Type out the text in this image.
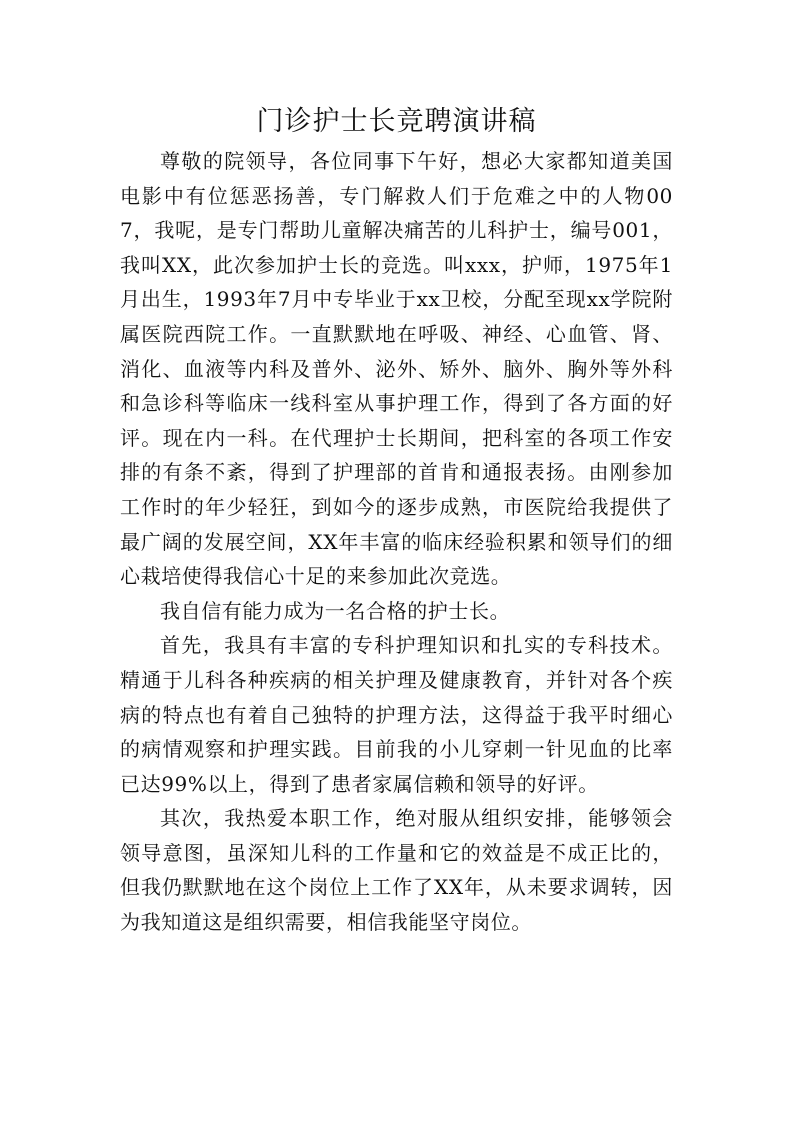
门诊护士长竞聘演讲稿

尊敬的院领导，各位同事下午好，想必大家都知道美国电影中有位惩恶扬善，专门解救人们于危难之中的人物007，我呢，是专门帮助儿童解决痛苦的儿科护士，编号001，我叫XX，此次参加护士长的竞选。叫xxx，护师，1975年1月出生，1993年7月中专毕业于xx卫校，分配至现xx学院附属医院西院工作。一直默默地在呼吸、神经、心血管、肾、消化、血液等内科及普外、泌外、矫外、脑外、胸外等外科和急诊科等临床一线科室从事护理工作，得到了各方面的好评。现在内一科。在代理护士长期间，把科室的各项工作安排的有条不紊，得到了护理部的首肯和通报表扬。由刚参加工作时的年少轻狂，到如今的逐步成熟，市医院给我提供了最广阔的发展空间，XX年丰富的临床经验积累和领导们的细心栽培使得我信心十足的来参加此次竞选。

我自信有能力成为一名合格的护士长。

首先，我具有丰富的专科护理知识和扎实的专科技术。精通于儿科各种疾病的相关护理及健康教育，并针对各个疾病的特点也有着自己独特的护理方法，这得益于我平时细心的病情观察和护理实践。目前我的小儿穿刺一针见血的比率已达99%以上，得到了患者家属信赖和领导的好评。

其次，我热爱本职工作，绝对服从组织安排，能够领会领导意图，虽深知儿科的工作量和它的效益是不成正比的，但我仍默默地在这个岗位上工作了XX年，从未要求调转，因为我知道这是组织需要，相信我能坚守岗位。
